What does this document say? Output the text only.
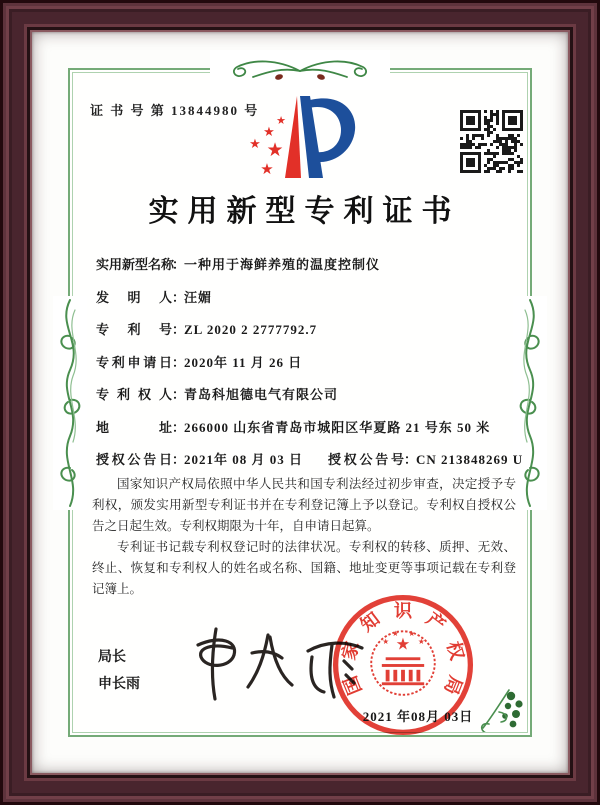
证 书 号 第 13844980 号
★
★
★ ★
★
实用新型专利证书
实用新型名称：一种用于海鲜养殖的温度控制仪
发明人：汪媚
专利号：ZL 2020 2 2777792.7
专利申请日：2020年 11 月 26 日
专利权人：青岛科旭德电气有限公司
地址：266000 山东省青岛市城阳区华夏路 21 号东 50 米
授权公告日：2021年 08 月 03 日 授权公告号：CN 213848269 U

国家知识产权局依照中华人民共和国专利法经过初步审查，决定授予专利权，颁发实用新型专利证书并在专利登记簿上予以登记。专利权自授权公告之日起生效。专利权期限为十年，自申请日起算。

专利证书记载专利权登记时的法律状况。专利权的转移、质押、无效、终止、恢复和专利权人的姓名或名称、国籍、地址变更等事项记载在专利登记簿上。

局长
申长雨	国
家
知 识 产
权
局
★
★
★ ★
★
2021 年08月 03日
